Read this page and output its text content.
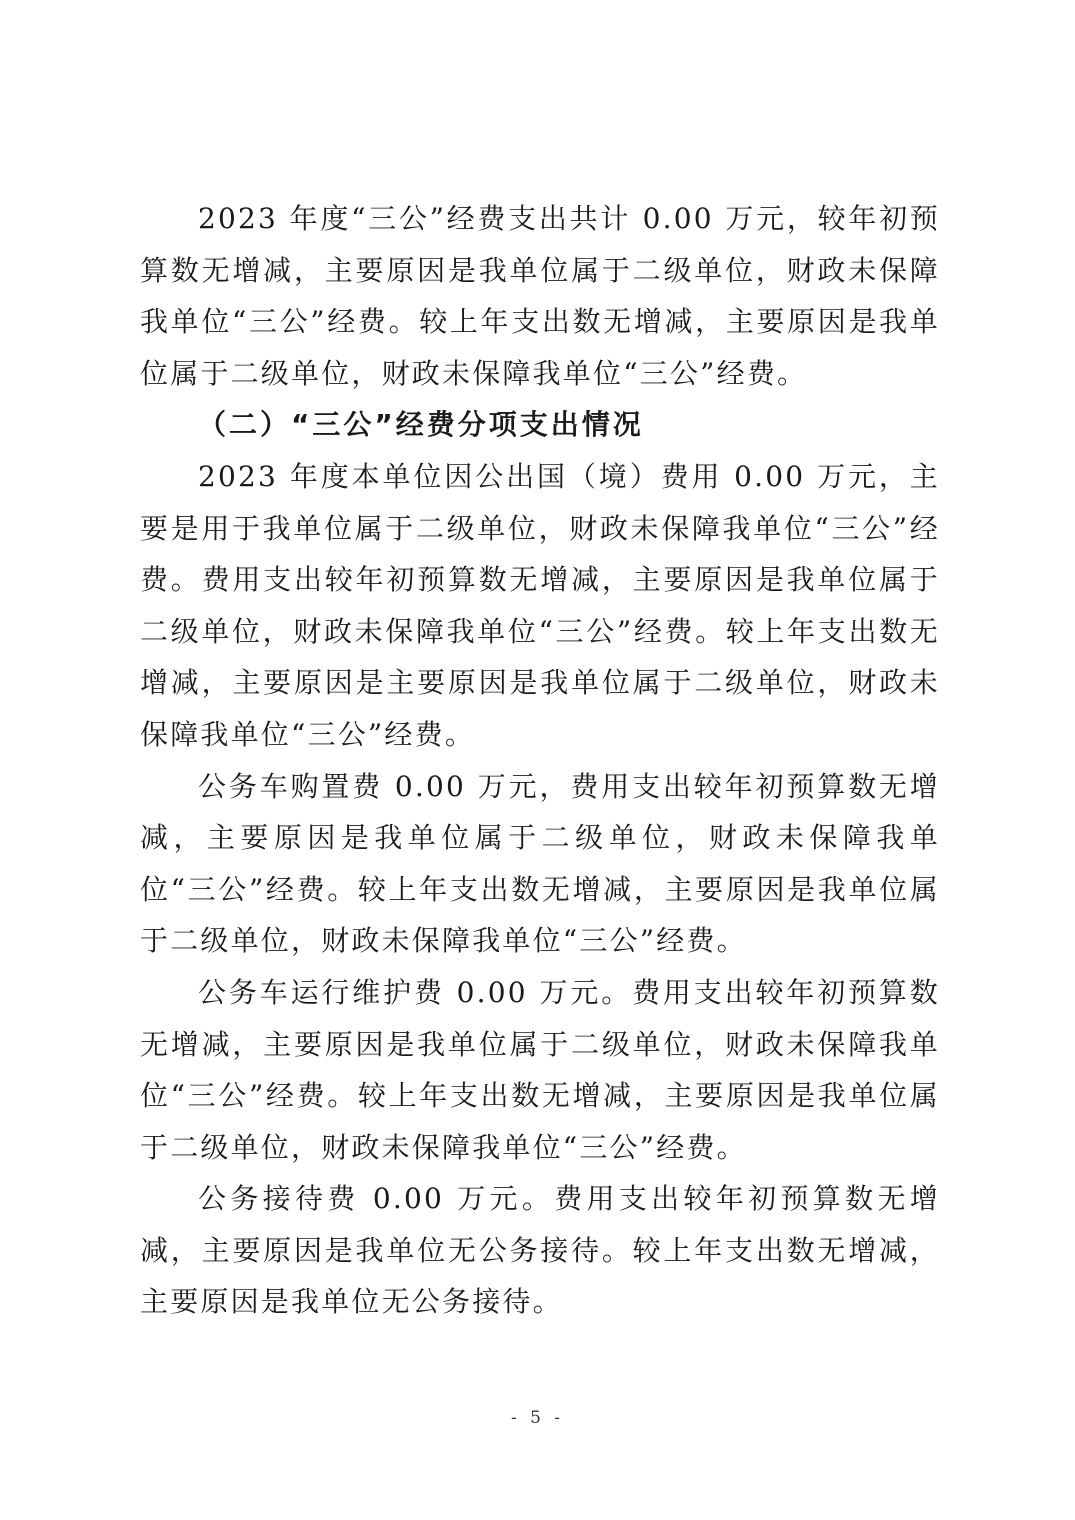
2023 年度“三公”经费支出共计 0.00 万元，较年初预算数无增减，主要原因是我单位属于二级单位，财政未保障我单位“三公”经费。较上年支出数无增减，主要原因是我单位属于二级单位，财政未保障我单位“三公”经费。

（二）“三公”经费分项支出情况

2023 年度本单位因公出国（境）费用 0.00 万元，主要是用于我单位属于二级单位，财政未保障我单位“三公”经费。费用支出较年初预算数无增减，主要原因是我单位属于二级单位，财政未保障我单位“三公”经费。较上年支出数无增减，主要原因是主要原因是我单位属于二级单位，财政未保障我单位“三公”经费。

公务车购置费 0.00 万元，费用支出较年初预算数无增减，主要原因是我单位属于二级单位，财政未保障我单位“三公”经费。较上年支出数无增减，主要原因是我单位属于二级单位，财政未保障我单位“三公”经费。

公务车运行维护费 0.00 万元。费用支出较年初预算数无增减，主要原因是我单位属于二级单位，财政未保障我单位“三公”经费。较上年支出数无增减，主要原因是我单位属于二级单位，财政未保障我单位“三公”经费。

公务接待费 0.00 万元。费用支出较年初预算数无增减，主要原因是我单位无公务接待。较上年支出数无增减，主要原因是我单位无公务接待。

- 5 -
